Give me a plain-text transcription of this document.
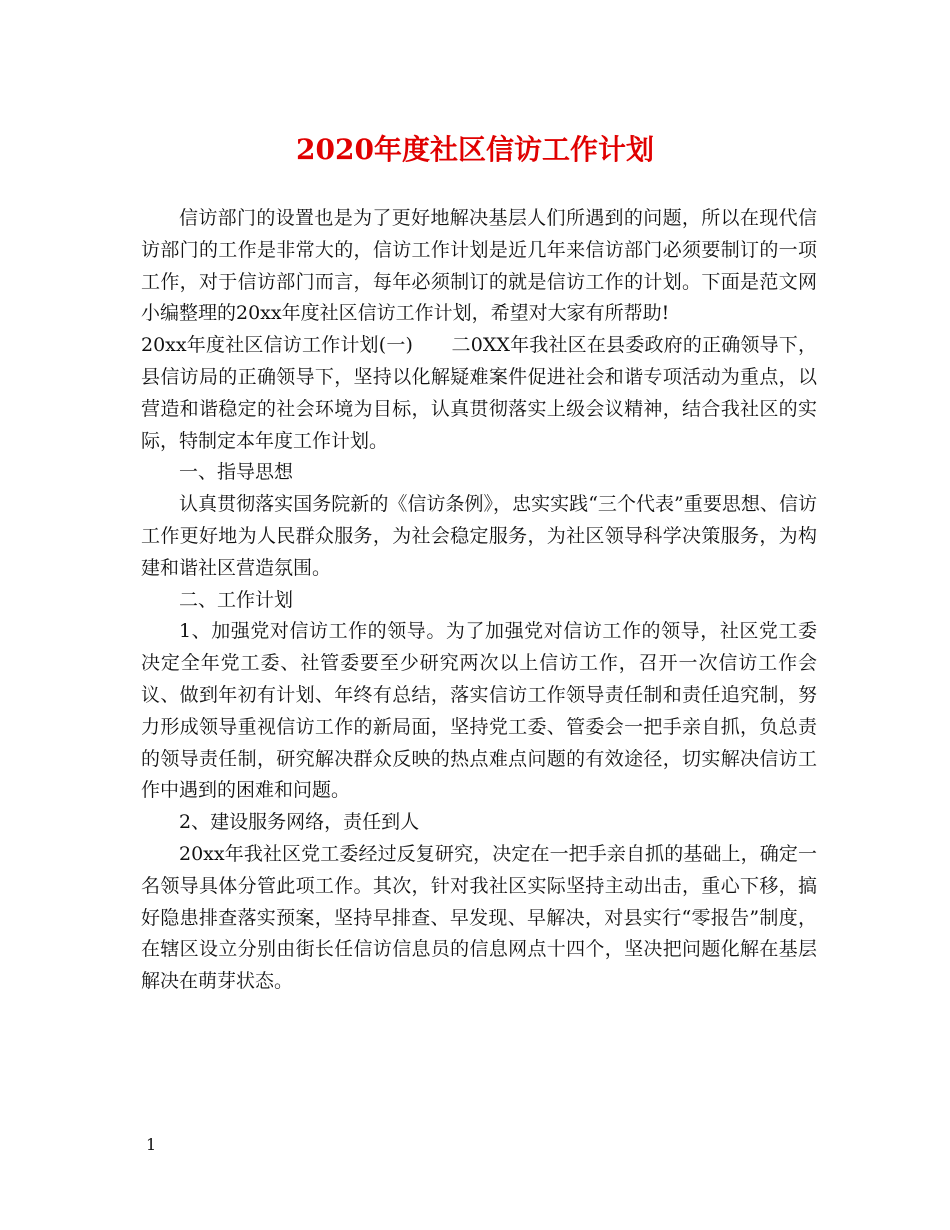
2020年度社区信访工作计划

信访部门的设置也是为了更好地解决基层人们所遇到的问题，所以在现代信访部门的工作是非常大的，信访工作计划是近几年来信访部门必须要制订的一项工作，对于信访部门而言，每年必须制订的就是信访工作的计划。下面是范文网小编整理的20xx年度社区信访工作计划，希望对大家有所帮助!

20xx年度社区信访工作计划(一)　　二0XX年我社区在县委政府的正确领导下，县信访局的正确领导下，坚持以化解疑难案件促进社会和谐专项活动为重点，以营造和谐稳定的社会环境为目标，认真贯彻落实上级会议精神，结合我社区的实际，特制定本年度工作计划。

一、指导思想

认真贯彻落实国务院新的《信访条例》，忠实实践“三个代表”重要思想、信访工作更好地为人民群众服务，为社会稳定服务，为社区领导科学决策服务，为构建和谐社区营造氛围。

二、工作计划

1、加强党对信访工作的领导。为了加强党对信访工作的领导，社区党工委决定全年党工委、社管委要至少研究两次以上信访工作，召开一次信访工作会议、做到年初有计划、年终有总结，落实信访工作领导责任制和责任追究制，努力形成领导重视信访工作的新局面，坚持党工委、管委会一把手亲自抓，负总责的领导责任制，研究解决群众反映的热点难点问题的有效途径，切实解决信访工作中遇到的困难和问题。

2、建设服务网络，责任到人

20xx年我社区党工委经过反复研究，决定在一把手亲自抓的基础上，确定一名领导具体分管此项工作。其次，针对我社区实际坚持主动出击，重心下移，搞好隐患排查落实预案，坚持早排查、早发现、早解决，对县实行“零报告”制度，在辖区设立分别由街长任信访信息员的信息网点十四个，坚决把问题化解在基层解决在萌芽状态。

1
